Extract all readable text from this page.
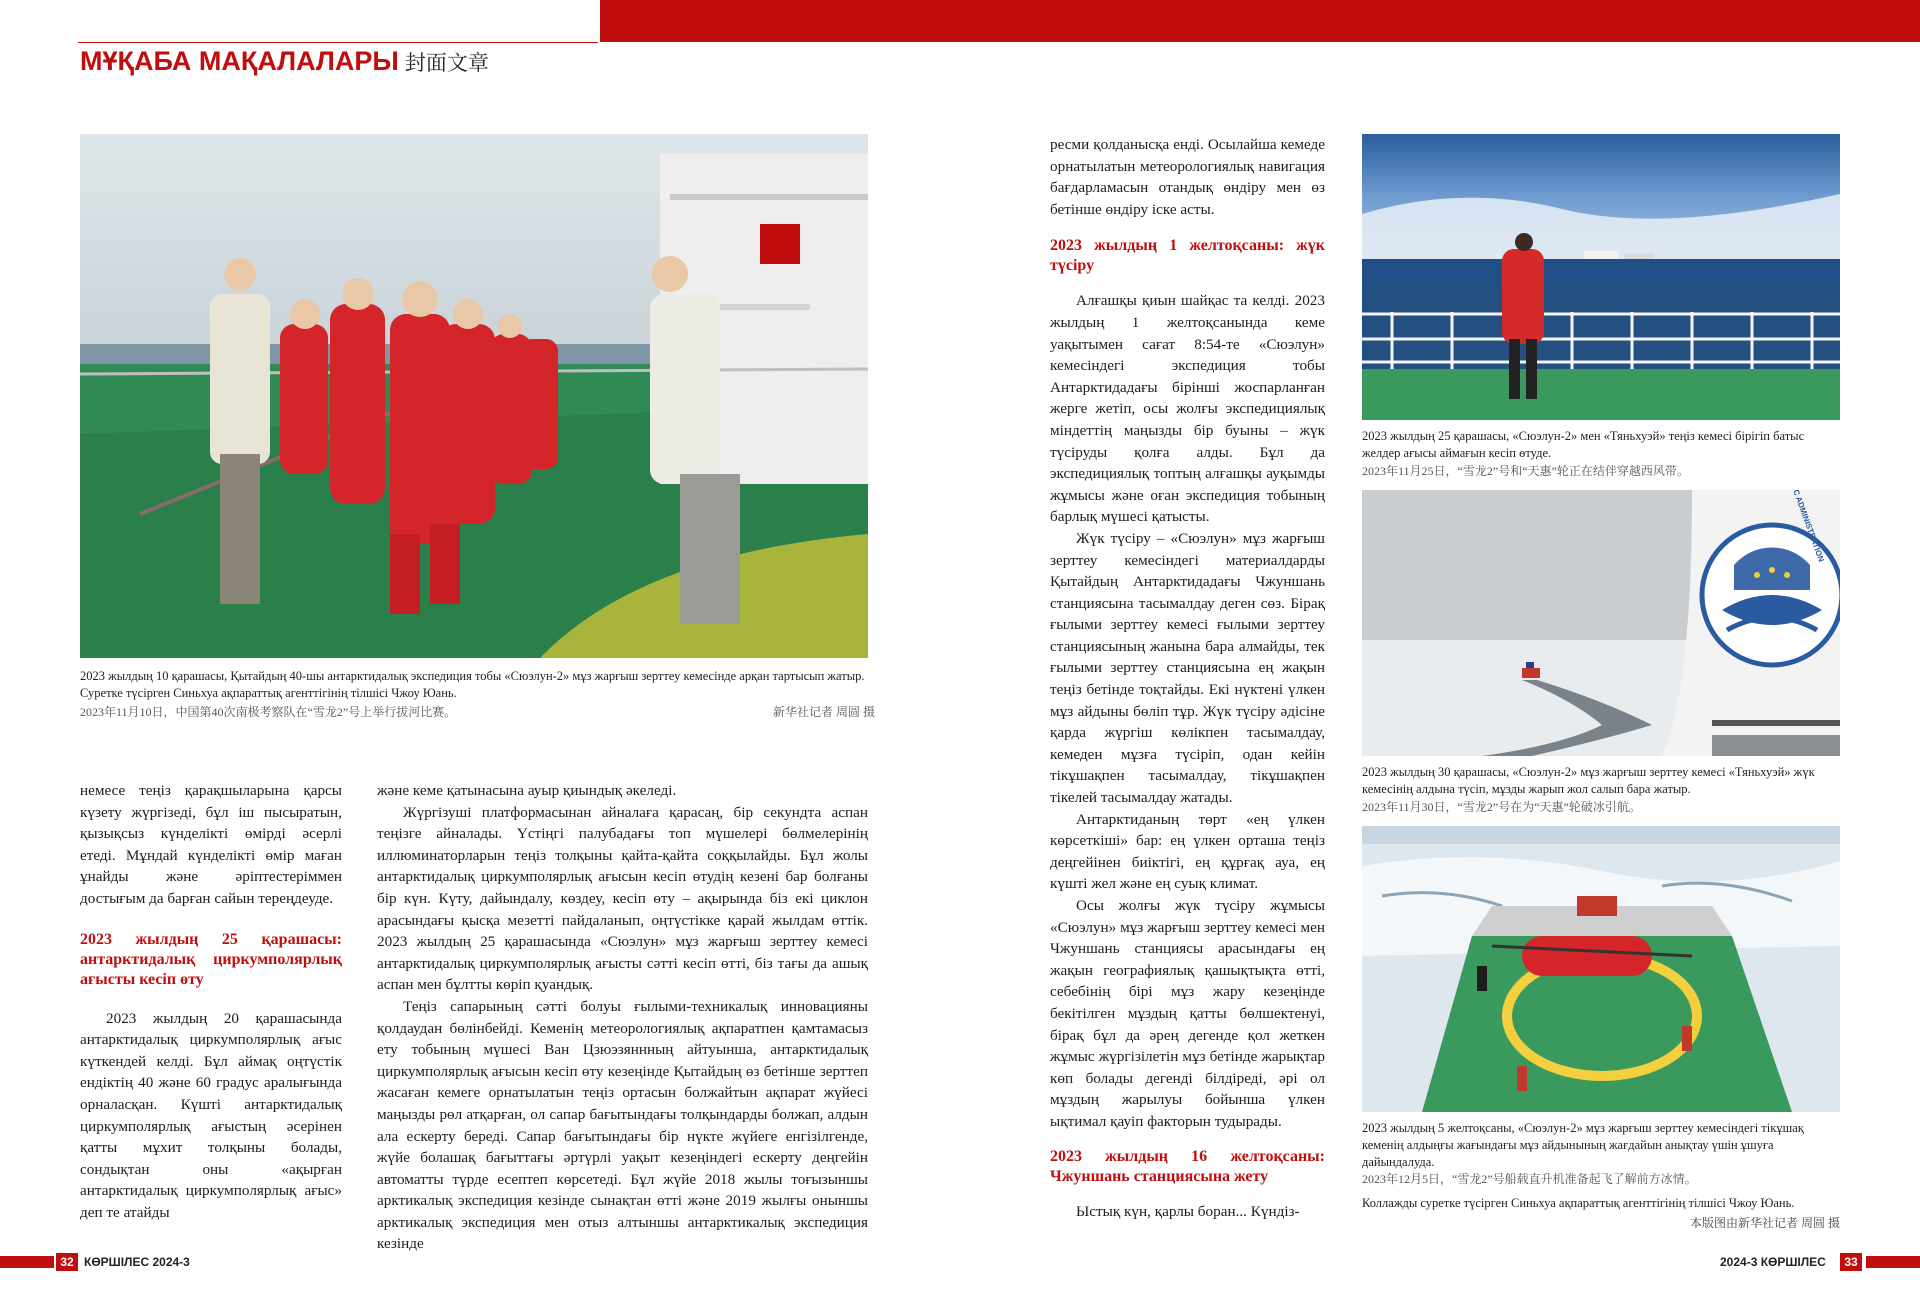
МҰҚАБА МАҚАЛАЛАРЫ 封面文章
2023 жылдың 10 қарашасы, Қытайдың 40-шы антарктидалық экспедиция тобы «Сюэлун-2» мұз жарғыш зерттеу кемесінде арқан тартысып жатыр. Суретке түсірген Синьхуа ақпараттық агенттігінің тілшісі Чжоу Юань.
2023年11月10日，中国第40次南极考察队在“雪龙2”号上举行拔河比赛。	新华社记者 周圆 摄

немесе теңіз қарақшыларына қарсы күзету жүргізеді, бұл іш пысыратын, қызықсыз күнделікті өмірді әсерлі етеді. Мұндай күнделікті өмір маған ұнайды және әріптестеріммен достығым да барған сайын тереңдеуде.

2023 жылдың 25 қарашасы: антарктидалық циркумполярлық ағысты кесіп өту

2023 жылдың 20 қарашасында антарктидалық циркумполярлық ағыс күткендей келді. Бұл аймақ оңтүстік ендіктің 40 және 60 градус аралығында орналасқан. Күшті антарктидалық циркумполярлық ағыстың әсерінен қатты мұхит толқыны болады, сондықтан оны «ақырған антарктидалық циркумполярлық ағыс» деп те атайды

және кеме қатынасына ауыр қиындық әкеледі.

Жүргізуші платформасынан айналаға қарасаң, бір секундта аспан теңізге айналады. Үстіңгі палубадағы топ мүшелері бөлмелерінің иллюминаторларын теңіз толқыны қайта-қайта соққылайды. Бұл жолы антарктидалық циркумполярлық ағысын кесіп өтудің кезені бар болғаны бір күн. Күту, дайындалу, көздеу, кесіп өту – ақырында біз екі циклон арасындағы қысқа мезетті пайдаланып, оңтүстікке қарай жылдам өттік. 2023 жылдың 25 қарашасында «Сюэлун» мұз жарғыш зерттеу кемесі антарктидалық циркумполярлық ағысты сәтті кесіп өтті, біз тағы да ашық аспан мен бұлтты көріп қуандық.

Теңіз сапарының сәтті болуы ғылыми-техникалық инновацияны қолдаудан бөлінбейді. Кеменің метеорологиялық ақпаратпен қамтамасыз ету тобының мүшесі Ван Цзюэзяннның айтуынша, антарктидалық циркумполярлық ағысын кесіп өту кезеңінде Қытайдың өз бетінше зерттеп жасаған кемеге орнатылатын теңіз ортасын болжайтын ақпарат жүйесі маңызды рөл атқарған, ол сапар бағытындағы толқындарды болжап, алдын ала ескерту береді. Сапар бағытындағы бір нүкте жүйеге енгізілгенде, жүйе болашақ бағыттағы әртүрлі уақыт кезеңіндегі ескерту деңгейін автоматты түрде есептеп көрсетеді. Бұл жүйе 2018 жылы тоғызыншы арктикалық экспедиция кезінде сынақтан өтті және 2019 жылғы оныншы арктикалық экспедиция мен отыз алтыншы антарктикалық экспедиция кезінде

ресми қолданысқа енді. Осылайша кемеде орнатылатын метеорологиялық навигация бағдарламасын отандық өндіру мен өз бетінше өндіру іске асты.

2023 жылдың 1 желтоқсаны: жүк түсіру

Алғашқы қиын шайқас та келді. 2023 жылдың 1 желтоқсанында кеме уақытымен сағат 8:54-те «Сюэлун» кемесіндегі экспедиция тобы Антарктидадағы бірінші жоспарланған жерге жетіп, осы жолғы экспедициялық міндеттің маңызды бір буыны – жүк түсіруды қолға алды. Бұл да экспедициялық топтың алғашқы ауқымды жұмысы және оған экспедиция тобының барлық мүшесі қатысты.

Жүк түсіру – «Сюэлун» мұз жарғыш зерттеу кемесіндегі материалдарды Қытайдың Антарктидадағы Чжуншань станциясына тасымалдау деген сөз. Бірақ ғылыми зерттеу кемесі ғылыми зерттеу станциясының жанына бара алмайды, тек ғылыми зерттеу станциясына ең жақын теңіз бетінде тоқтайды. Екі нүктені үлкен мұз айдыны бөліп тұр. Жүк түсіру әдісіне қарда жүргіш көлікпен тасымалдау, кемеден мұзға түсіріп, одан кейін тікұшақпен тасымалдау, тікұшақпен тікелей тасымалдау жатады.

Антарктиданың төрт «ең үлкен көрсеткіші» бар: ең үлкен орташа теңіз деңгейінен биіктігі, ең құрғақ ауа, ең күшті жел және ең суық климат.

Осы жолғы жүк түсіру жұмысы «Сюэлун» мұз жарғыш зерттеу кемесі мен Чжуншань станциясы арасындағы ең жақын географиялық қашықтықта өтті, себебінің бірі мұз жару кезеңінде бекітілген мұздың қатты бөлшектенуі, бірақ бұл да әрең дегенде қол жеткен жұмыс жүргізілетін мұз бетінде жарықтар көп болады дегенді білдіреді, әрі ол мұздың жарылуы бойынша үлкен ықтимал қауіп факторын тудырады.

2023 жылдың 16 желтоқсаны: Чжуншань станциясына жету

Ыстық күн, қарлы боран... Күндіз-

2023 жылдың 25 қарашасы, «Сюэлун-2» мен «Тяньхуэй» теңіз кемесі бірігіп батыс желдер ағысы аймағын кесіп өтуде.
2023年11月25日，“雪龙2”号和“天惠”轮正在结伴穿越西风带。
2023 жылдың 30 қарашасы, «Сюэлун-2» мұз жарғыш зерттеу кемесі «Тяньхуэй» жүк кемесінің алдына түсіп, мұзды жарып жол салып бара жатыр.
2023年11月30日，“雪龙2”号在为“天惠”轮破冰引航。
2023 жылдың 5 желтоқсаны, «Сюэлун-2» мұз жарғыш зерттеу кемесіндегі тікұшақ кеменің алдыңғы жағындағы мұз айдынының жағдайын анықтау үшін ұшуға дайындалуда.
2023年12月5日，“雪龙2”号船载直升机准备起飞了解前方冰情。
Коллажды суретке түсірген Синьхуа ақпараттық агенттігінің тілшісі Чжоу Юань.
本版图由新华社记者 周圆 摄
32 КӨРШІЛЕС 2024-3	2024-3 КӨРШІЛЕС	33
